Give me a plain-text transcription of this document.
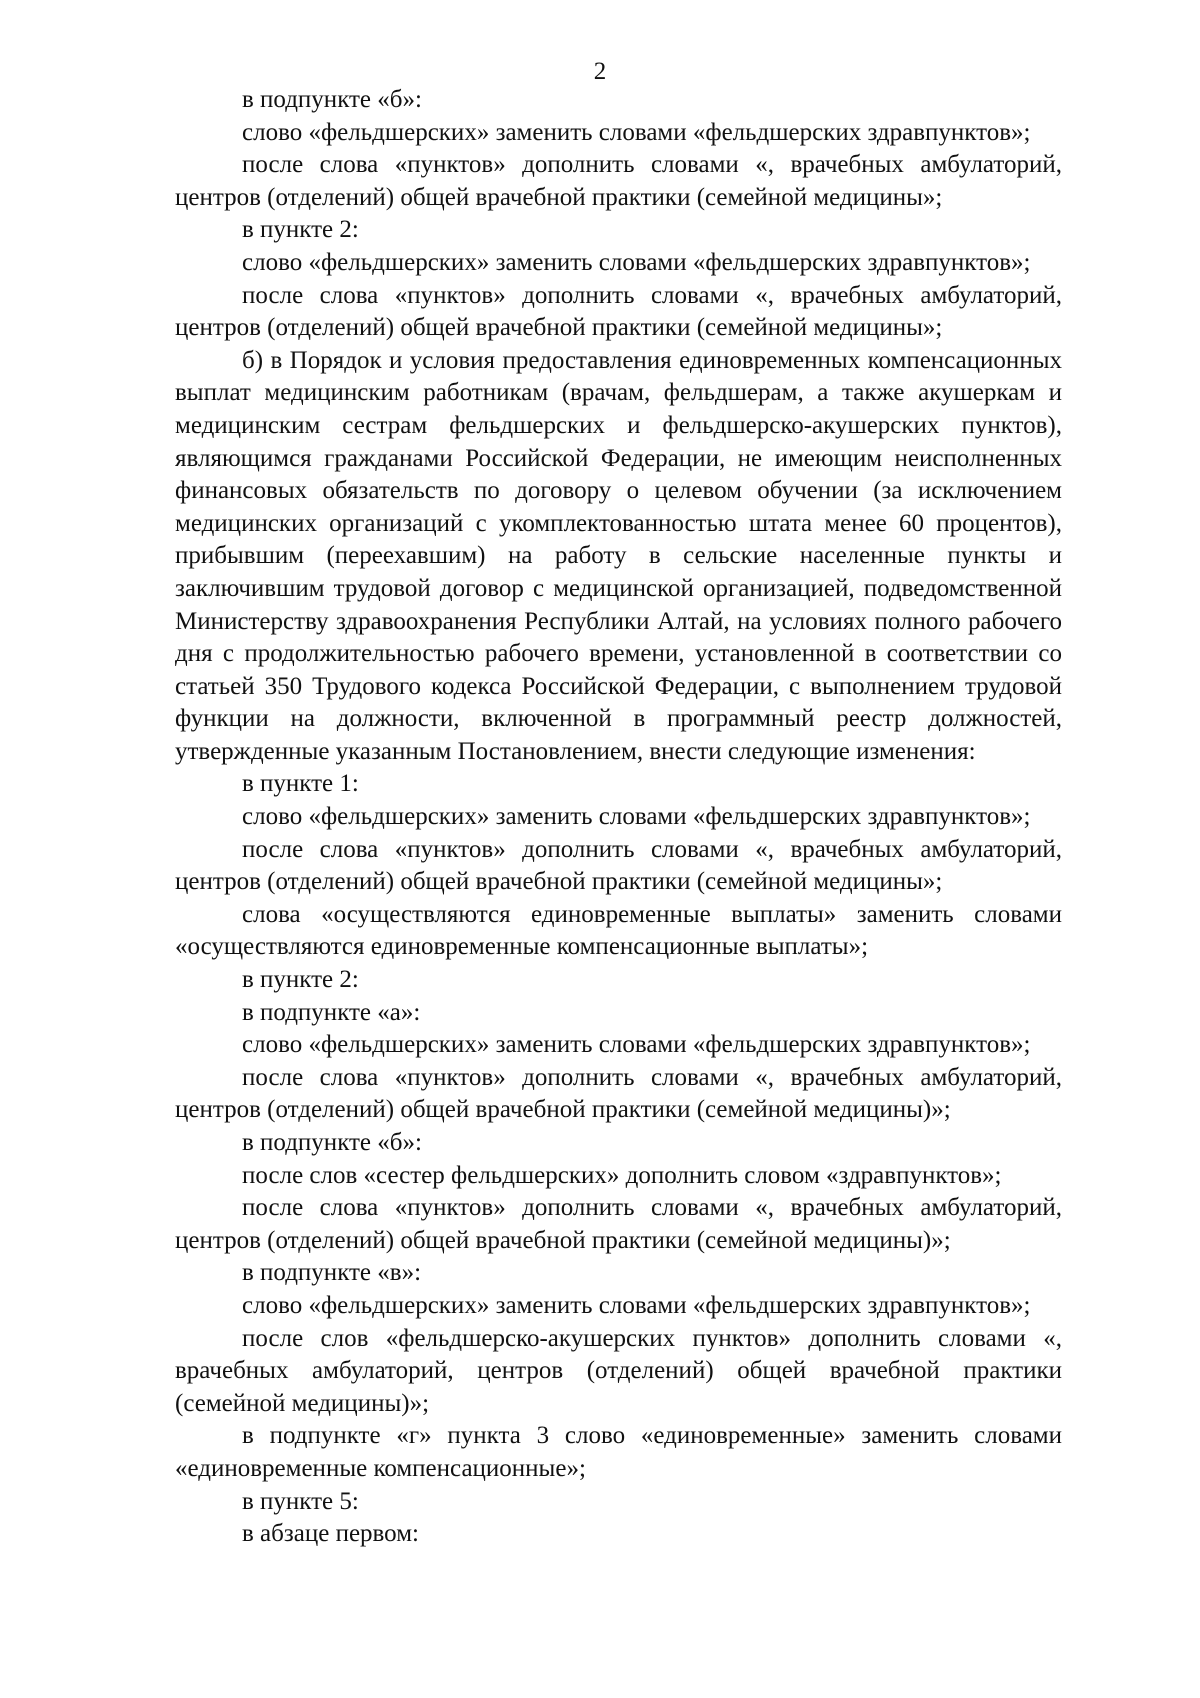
2

в подпункте «б»:

слово «фельдшерских» заменить словами «фельдшерских здравпунктов»;

после слова «пунктов» дополнить словами «, врачебных амбулаторий, центров (отделений) общей врачебной практики (семейной медицины»;

в пункте 2:

слово «фельдшерских» заменить словами «фельдшерских здравпунктов»;

после слова «пунктов» дополнить словами «, врачебных амбулаторий, центров (отделений) общей врачебной практики (семейной медицины»;

б) в Порядок и условия предоставления единовременных компенсационных выплат медицинским работникам (врачам, фельдшерам, а также акушеркам и медицинским сестрам фельдшерских и фельдшерско-акушерских пунктов), являющимся гражданами Российской Федерации, не имеющим неисполненных финансовых обязательств по договору о целевом обучении (за исключением медицинских организаций с укомплектованностью штата менее 60 процентов), прибывшим (переехавшим) на работу в сельские населенные пункты и заключившим трудовой договор с медицинской организацией, подведомственной Министерству здравоохранения Республики Алтай, на условиях полного рабочего дня с продолжительностью рабочего времени, установленной в соответствии со статьей 350 Трудового кодекса Российской Федерации, с выполнением трудовой функции на должности, включенной в программный реестр должностей, утвержденные указанным Постановлением, внести следующие изменения:

в пункте 1:

слово «фельдшерских» заменить словами «фельдшерских здравпунктов»;

после слова «пунктов» дополнить словами «, врачебных амбулаторий, центров (отделений) общей врачебной практики (семейной медицины»;

слова «осуществляются единовременные выплаты» заменить словами «осуществляются единовременные компенсационные выплаты»;

в пункте 2:

в подпункте «а»:

слово «фельдшерских» заменить словами «фельдшерских здравпунктов»;

после слова «пунктов» дополнить словами «, врачебных амбулаторий, центров (отделений) общей врачебной практики (семейной медицины)»;

в подпункте «б»:

после слов «сестер фельдшерских» дополнить словом «здравпунктов»;

после слова «пунктов» дополнить словами «, врачебных амбулаторий, центров (отделений) общей врачебной практики (семейной медицины)»;

в подпункте «в»:

слово «фельдшерских» заменить словами «фельдшерских здравпунктов»;

после слов «фельдшерско-акушерских пунктов» дополнить словами «, врачебных амбулаторий, центров (отделений) общей врачебной практики (семейной медицины)»;

в подпункте «г» пункта 3 слово «единовременные» заменить словами «единовременные компенсационные»;

в пункте 5:

в абзаце первом:
